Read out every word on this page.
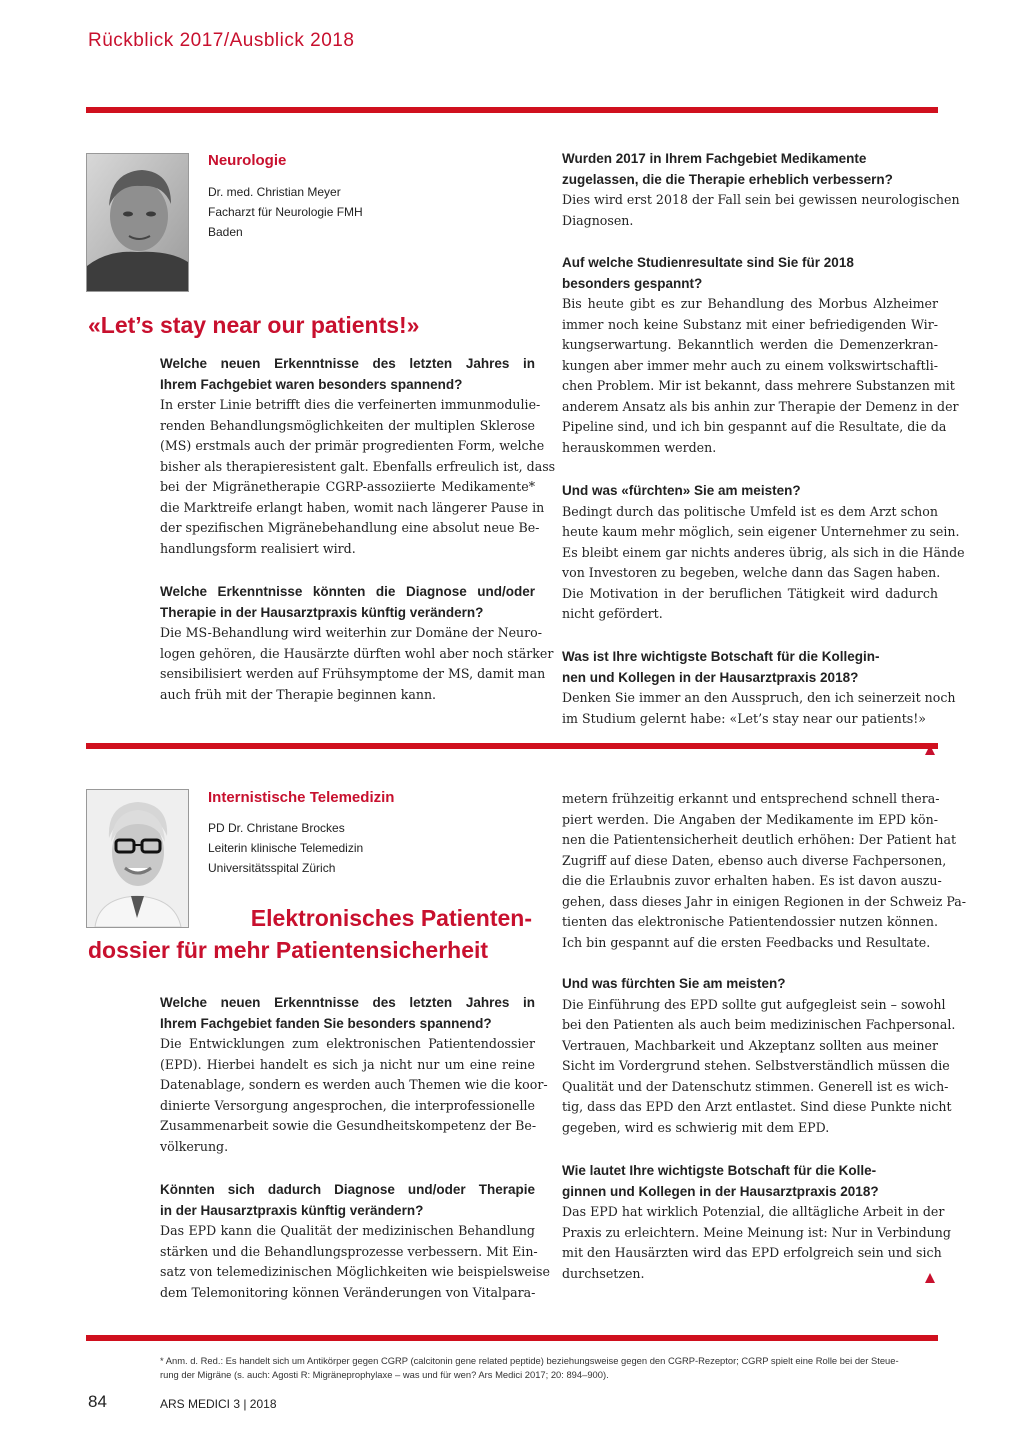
Rückblick 2017/Ausblick 2018
Neurologie
Dr. med. Christian Meyer
Facharzt für Neurologie FMH
Baden
«Let’s stay near our patients!»
Welche neuen Erkenntnisse des letzten Jahres in
Ihrem Fachgebiet waren besonders spannend?
In erster Linie betrifft dies die verfeinerten immunmodulie-
renden Behandlungsmöglichkeiten der multiplen Sklerose
(MS) erstmals auch der primär progredienten Form, welche
bisher als therapieresistent galt. Ebenfalls erfreulich ist, dass
bei der Migränetherapie CGRP-assoziierte Medikamente*
die Marktreife erlangt haben, womit nach längerer Pause in
der spezifischen Migränebehandlung eine absolut neue Be-
handlungsform realisiert wird.
Welche Erkenntnisse könnten die Diagnose und/oder
Therapie in der Hausarztpraxis künftig verändern?
Die MS-Behandlung wird weiterhin zur Domäne der Neuro-
logen gehören, die Hausärzte dürften wohl aber noch stärker
sensibilisiert werden auf Frühsymptome der MS, damit man
auch früh mit der Therapie beginnen kann.
Wurden 2017 in Ihrem Fachgebiet Medikamente
zugelassen, die die Therapie erheblich verbessern?
Dies wird erst 2018 der Fall sein bei gewissen neurologischen
Diagnosen.
Auf welche Studienresultate sind Sie für 2018
besonders gespannt?
Bis heute gibt es zur Behandlung des Morbus Alzheimer
immer noch keine Substanz mit einer befriedigenden Wir-
kungserwartung. Bekanntlich werden die Demenzerkran-
kungen aber immer mehr auch zu einem volkswirtschaftli-
chen Problem. Mir ist bekannt, dass mehrere Substanzen mit
anderem Ansatz als bis anhin zur Therapie der Demenz in der
Pipeline sind, und ich bin gespannt auf die Resultate, die da
herauskommen werden.
Und was «fürchten» Sie am meisten?
Bedingt durch das politische Umfeld ist es dem Arzt schon
heute kaum mehr möglich, sein eigener Unternehmer zu sein.
Es bleibt einem gar nichts anderes übrig, als sich in die Hände
von Investoren zu begeben, welche dann das Sagen haben.
Die Motivation in der beruflichen Tätigkeit wird dadurch
nicht gefördert.
Was ist Ihre wichtigste Botschaft für die Kollegin-
nen und Kollegen in der Hausarztpraxis 2018?
Denken Sie immer an den Ausspruch, den ich seinerzeit noch
im Studium gelernt habe: «Let’s stay near our patients!»
Internistische Telemedizin
PD Dr. Christane Brockes
Leiterin klinische Telemedizin
Universitätsspital Zürich
Elektronisches Patienten-
dossier für mehr Patientensicherheit
Welche neuen Erkenntnisse des letzten Jahres in
Ihrem Fachgebiet fanden Sie besonders spannend?
Die Entwicklungen zum elektronischen Patientendossier
(EPD). Hierbei handelt es sich ja nicht nur um eine reine
Datenablage, sondern es werden auch Themen wie die koor-
dinierte Versorgung angesprochen, die interprofessionelle
Zusammenarbeit sowie die Gesundheitskompetenz der Be-
völkerung.
Könnten sich dadurch Diagnose und/oder Therapie
in der Hausarztpraxis künftig verändern?
Das EPD kann die Qualität der medizinischen Behandlung
stärken und die Behandlungsprozesse verbessern. Mit Ein-
satz von telemedizinischen Möglichkeiten wie beispielsweise
dem Telemonitoring können Veränderungen von Vitalpara-
metern frühzeitig erkannt und entsprechend schnell thera-
piert werden. Die Angaben der Medikamente im EPD kön-
nen die Patientensicherheit deutlich erhöhen: Der Patient hat
Zugriff auf diese Daten, ebenso auch diverse Fachpersonen,
die die Erlaubnis zuvor erhalten haben. Es ist davon auszu-
gehen, dass dieses Jahr in einigen Regionen in der Schweiz Pa-
tienten das elektronische Patientendossier nutzen können.
Ich bin gespannt auf die ersten Feedbacks und Resultate.
Und was fürchten Sie am meisten?
Die Einführung des EPD sollte gut aufgegleist sein – sowohl
bei den Patienten als auch beim medizinischen Fachpersonal.
Vertrauen, Machbarkeit und Akzeptanz sollten aus meiner
Sicht im Vordergrund stehen. Selbstverständlich müssen die
Qualität und der Datenschutz stimmen. Generell ist es wich-
tig, dass das EPD den Arzt entlastet. Sind diese Punkte nicht
gegeben, wird es schwierig mit dem EPD.
Wie lautet Ihre wichtigste Botschaft für die Kolle-
ginnen und Kollegen in der Hausarztpraxis 2018?
Das EPD hat wirklich Potenzial, die alltägliche Arbeit in der
Praxis zu erleichtern. Meine Meinung ist: Nur in Verbindung
mit den Hausärzten wird das EPD erfolgreich sein und sich
durchsetzen.
* Anm. d. Red.: Es handelt sich um Antikörper gegen CGRP (calcitonin gene related peptide) beziehungsweise gegen den CGRP-Rezeptor; CGRP spielt eine Rolle bei der Steue-
rung der Migräne (s. auch: Agosti R: Migräneprophylaxe – was und für wen? Ars Medici 2017; 20: 894–900).
84	ARS MEDICI 3 | 2018
